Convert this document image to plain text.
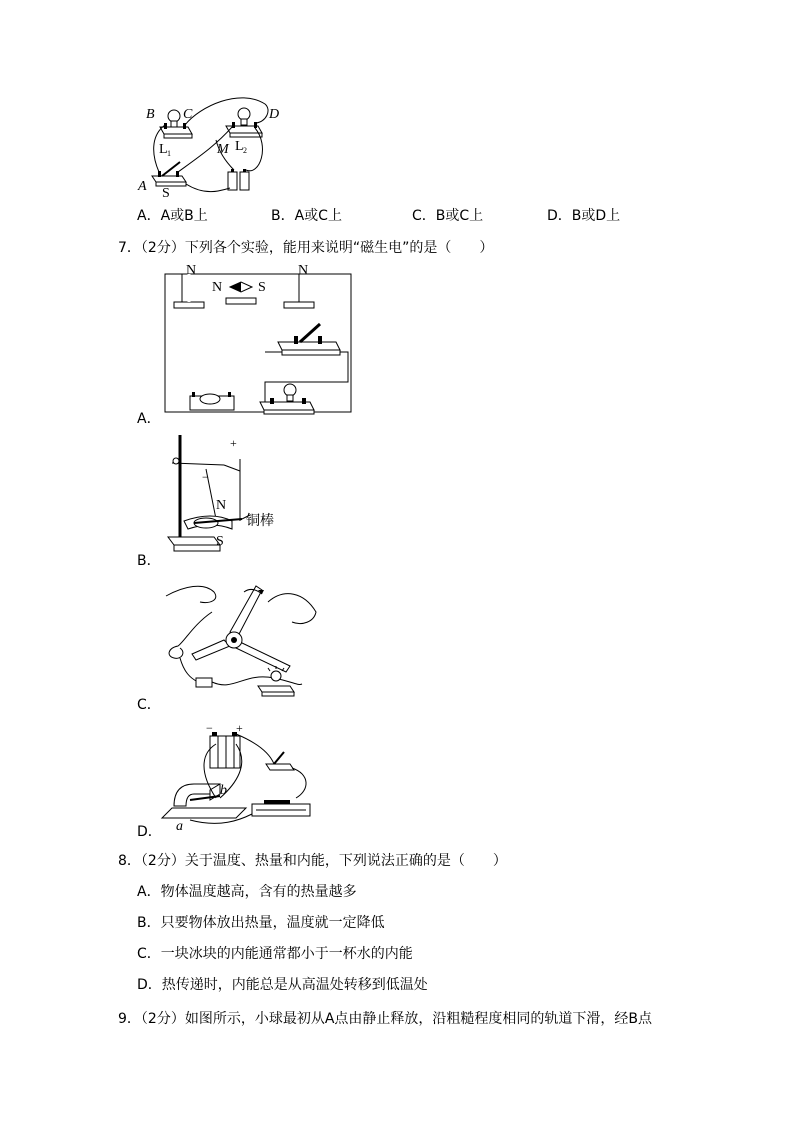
B C	D
L 1	L 2
M
A S
A．A或B上	B．A或C上	C．B或C上	D．B或D上
7．（2分）下列各个实验，能用来说明“磁生电”的是（　　）
N
N	S
N
A．
+
−
N
S
铜棒
B．
C．
− +
b
a
D．
8．（2分）关于温度、热量和内能，下列说法正确的是（　　）
A．物体温度越高，含有的热量越多
B．只要物体放出热量，温度就一定降低
C．一块冰块的内能通常都小于一杯水的内能
D．热传递时，内能总是从高温处转移到低温处
9．（2分）如图所示，小球最初从A点由静止释放，沿粗糙程度相同的轨道下滑，经B点
